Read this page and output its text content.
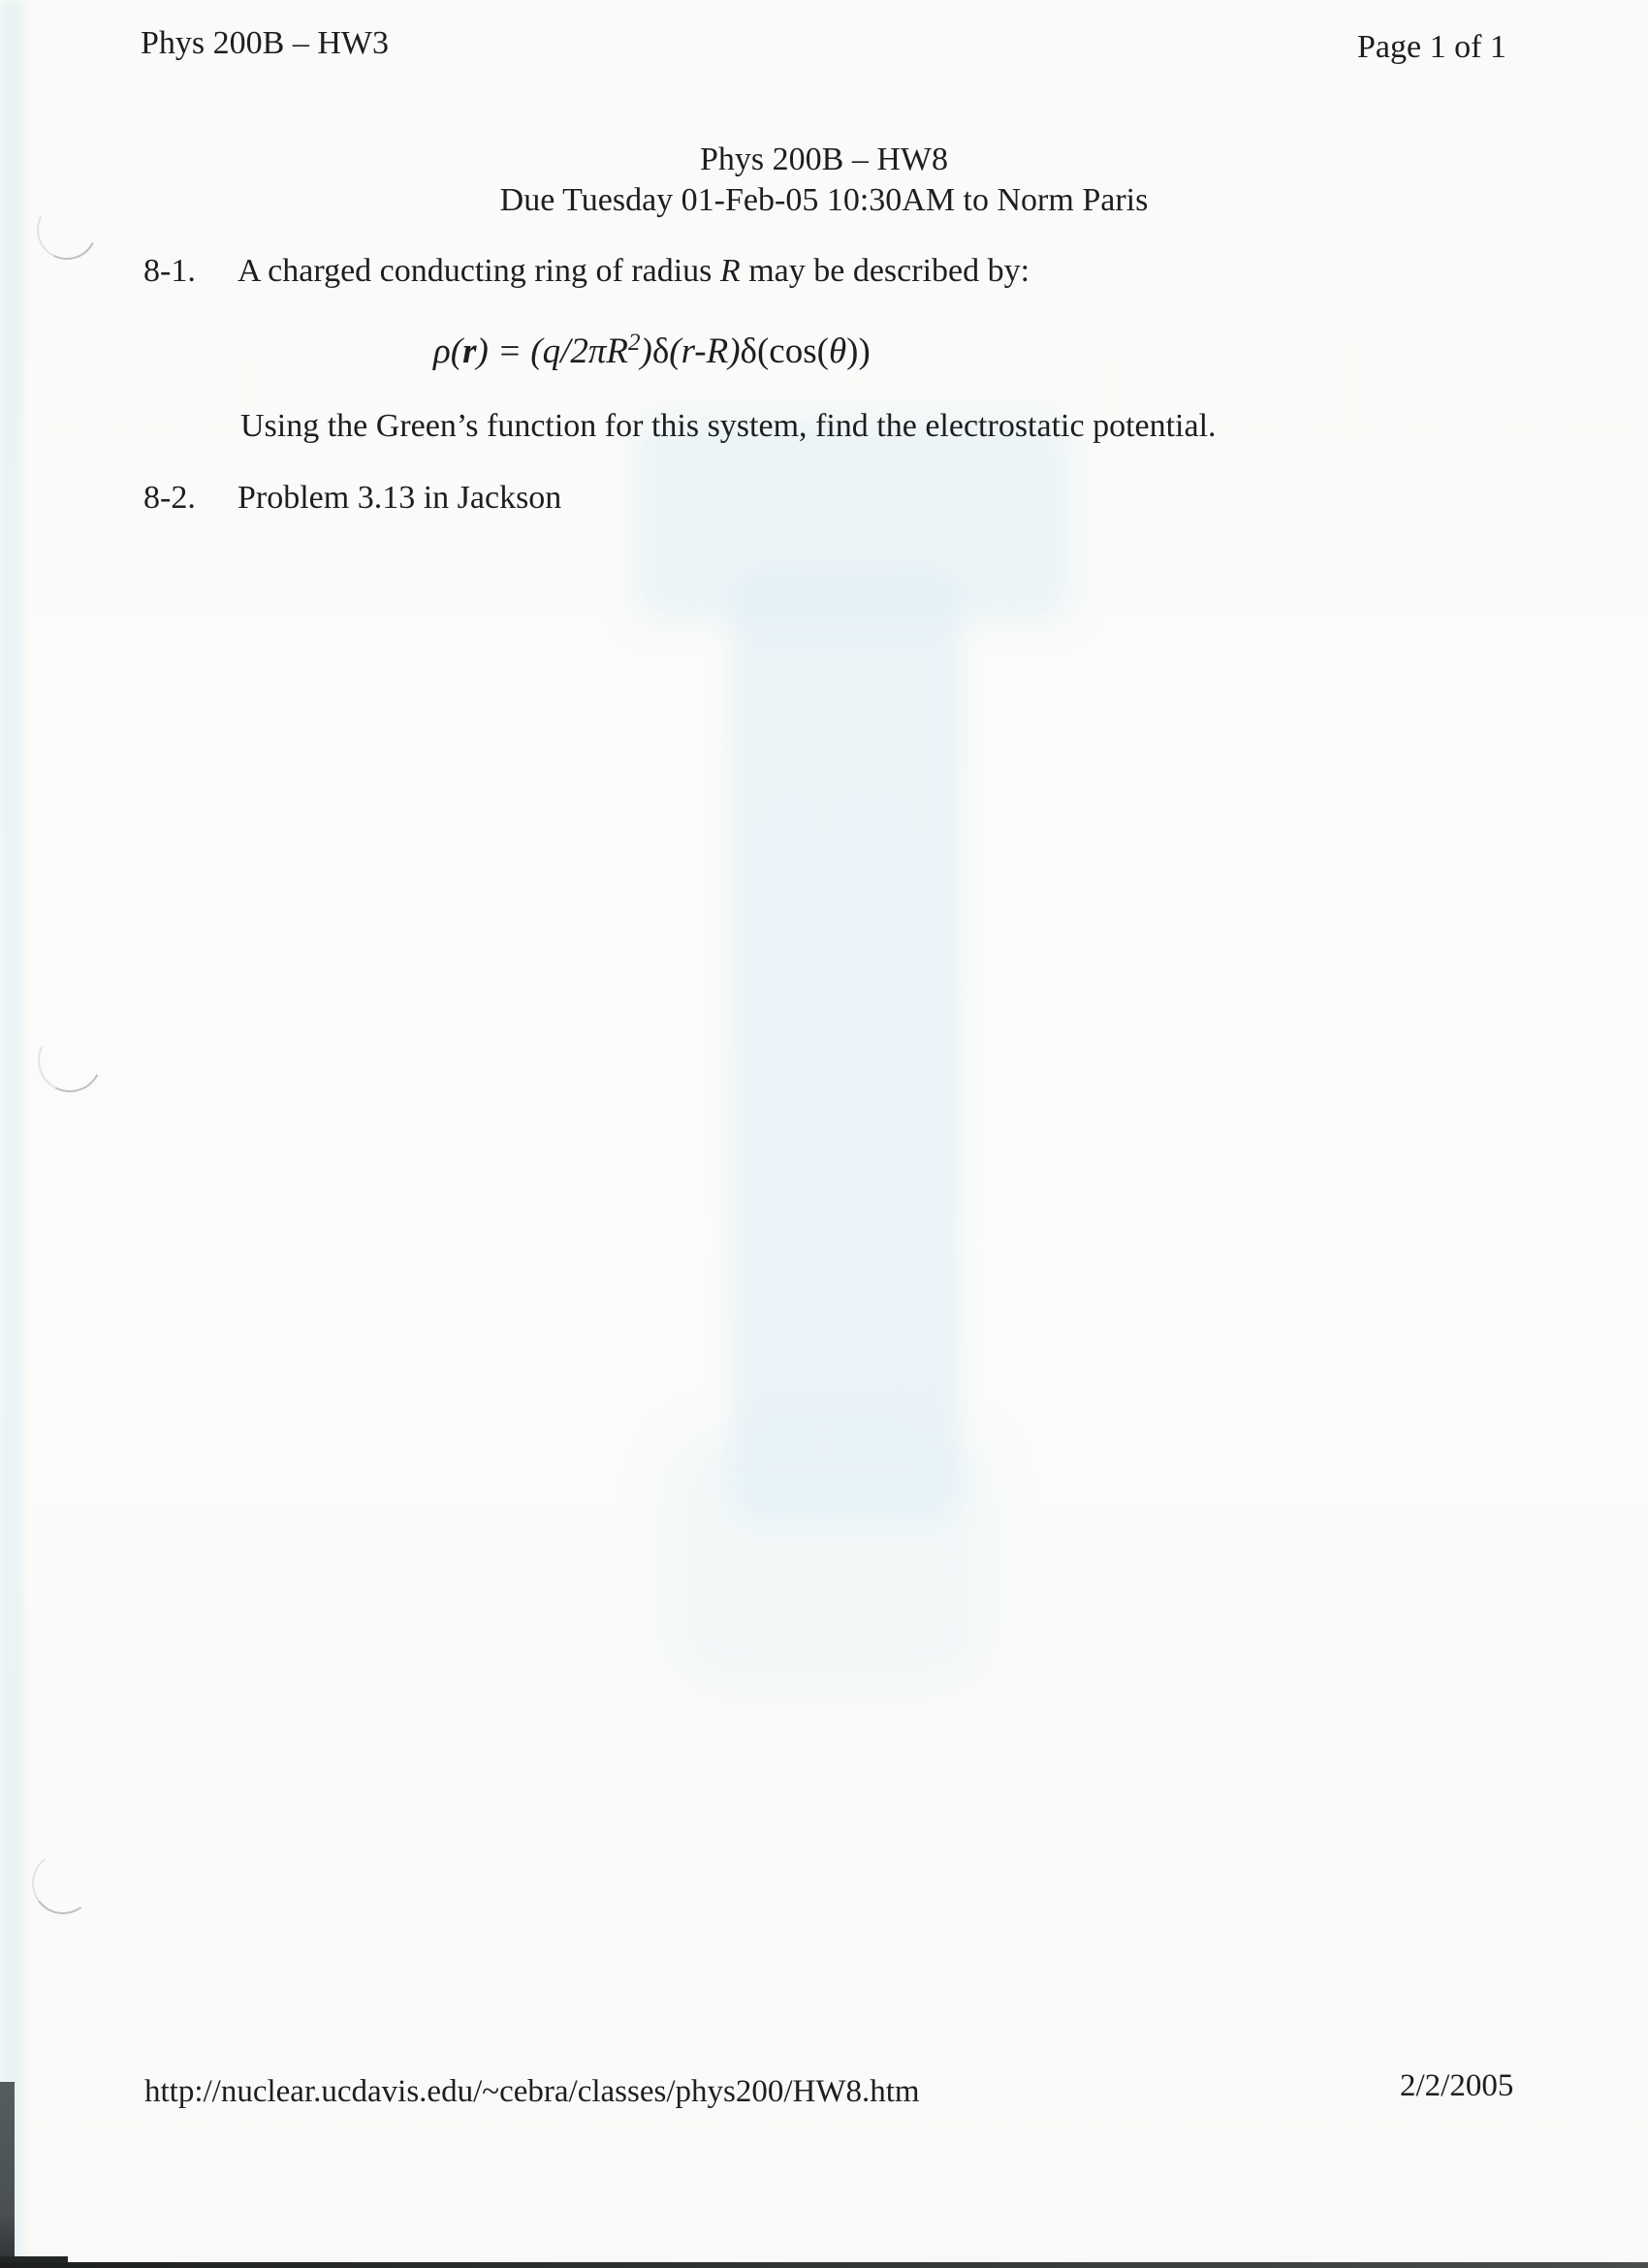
Phys 200B – HW3	Page 1 of 1
Phys 200B – HW8
Due Tuesday 01-Feb-05 10:30AM to Norm Paris
8-1. A charged conducting ring of radius R may be described by:
$\rho(r) = (q/2\pi R^2)\delta(r-R)\delta(\cos(\theta))$
Using the Green’s function for this system, find the electrostatic potential.
8-2. Problem 3.13 in Jackson
http://nuclear.ucdavis.edu/~cebra/classes/phys200/HW8.htm	2/2/2005
